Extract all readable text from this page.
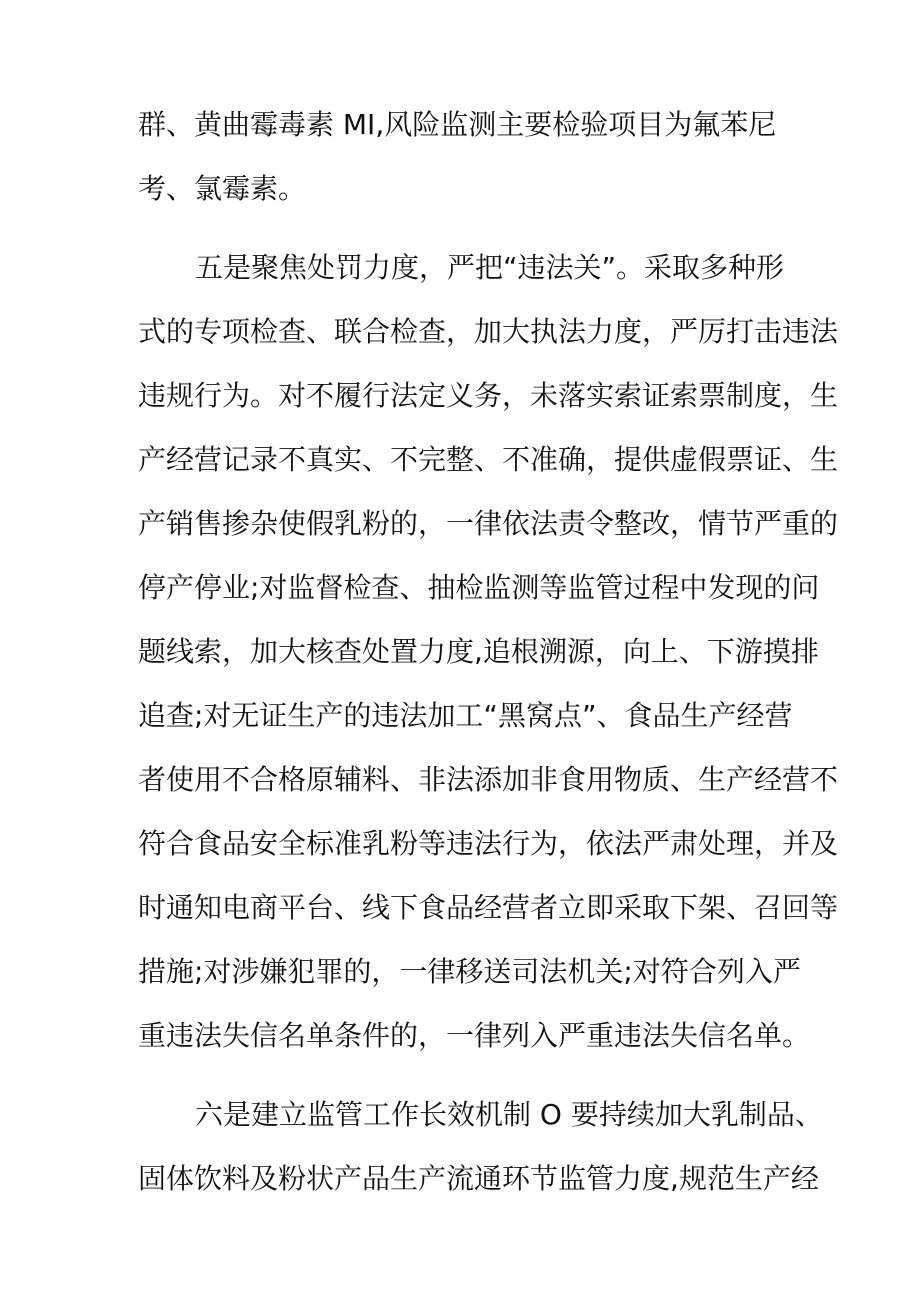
群、黄曲霉毒素 MI,风险监测主要检验项目为氟苯尼
考、氯霉素。
五是聚焦处罚力度，严把“违法关”。采取多种形
式的专项检查、联合检查，加大执法力度，严厉打击违法
违规行为。对不履行法定义务，未落实索证索票制度，生
产经营记录不真实、不完整、不准确，提供虚假票证、生
产销售掺杂使假乳粉的，一律依法责令整改，情节严重的
停产停业;对监督检查、抽检监测等监管过程中发现的问
题线索，加大核查处置力度,追根溯源，向上、下游摸排
追查;对无证生产的违法加工“黑窝点”、食品生产经营
者使用不合格原辅料、非法添加非食用物质、生产经营不
符合食品安全标准乳粉等违法行为，依法严肃处理，并及
时通知电商平台、线下食品经营者立即采取下架、召回等
措施;对涉嫌犯罪的，一律移送司法机关;对符合列入严
重违法失信名单条件的，一律列入严重违法失信名单。
六是建立监管工作长效机制 O 要持续加大乳制品、
固体饮料及粉状产品生产流通环节监管力度,规范生产经
